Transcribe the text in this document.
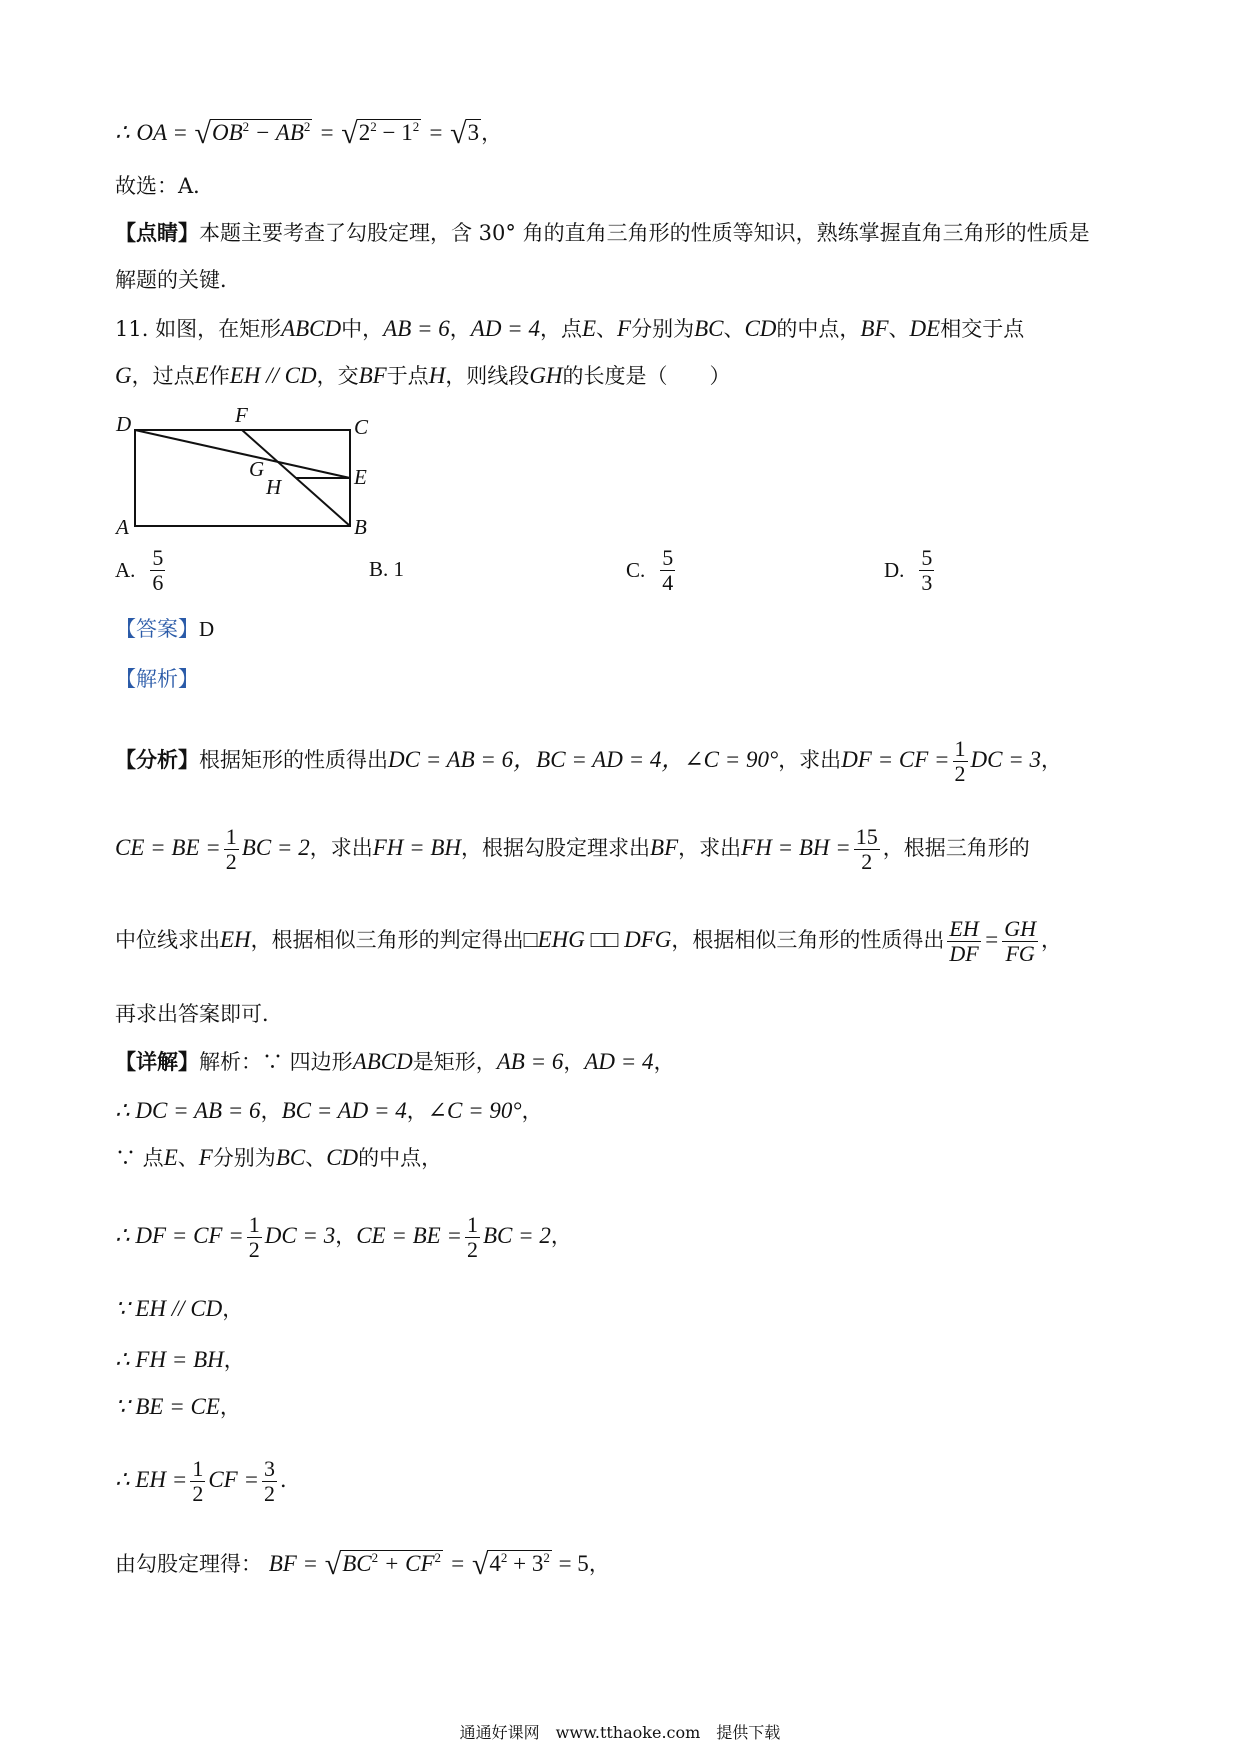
∴ OA = $√OB^2 - AB^2 = √2^2 - 1^2 = √3$，
故选：A．
【点睛】本题主要考查了勾股定理，含 30° 角的直角三角形的性质等知识，熟练掌握直角三角形的性质是
解题的关键．
11. 如图，在矩形ABCD中，AB = 6，AD = 4，点E、F分别为BC、CD的中点，BF、DE相交于点
G，过点E作EH // CD，交BF于点H，则线段GH的长度是（　　）
D	F	C
G	E
H
A	B
A. $\frac{5}{6}$	B. 1	C. $\frac{5}{4}$	D. $\frac{5}{3}$
【答案】D
【解析】
【分析】根据矩形的性质得出DC = AB = 6，BC = AD = 4，∠C = 90°，求出DF = CF = $\frac{1}{2}$ DC = 3，
CE = BE = $\frac{1}{2}$ BC = 2，求出FH = BH，根据勾股定理求出BF，求出FH = BH = $\frac{15}{2}$ ，根据三角形的
中位线求出EH，根据相似三角形的判定得出□EHG □□ DFG，根据相似三角形的性质得出 $\frac{EH}{DF} = \frac{GH}{FG}$ ，
再求出答案即可．
【详解】解析：∵ 四边形ABCD是矩形，AB = 6，AD = 4，
∴ DC = AB = 6，BC = AD = 4，∠C = 90°，
∵ 点E、F分别为BC、CD的中点，
∴ DF = CF = $\frac{1}{2}$ DC = 3，CE = BE = $\frac{1}{2}$ BC = 2，
∵ EH // CD，
∴ FH = BH，
∵ BE = CE，
∴ EH = $\frac{1}{2}$ CF = $\frac{3}{2}$ ．
由勾股定理得： BF = $√BC^2 + CF^2 = √4^2 + 3^2 = 5$，
通通好课网　www.tthaoke.com　提供下载
